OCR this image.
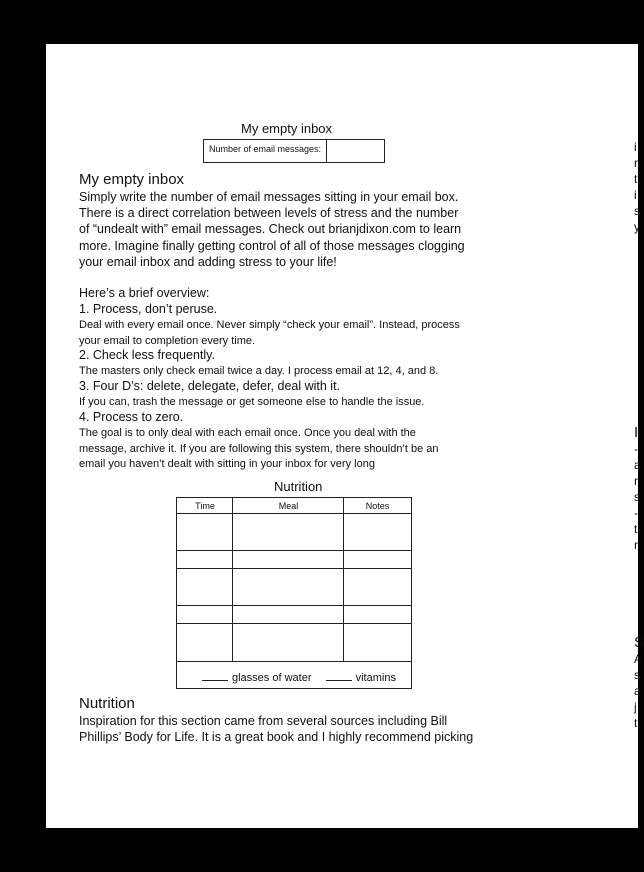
My empty inbox
Number of email messages:
My empty inbox
Simply write the number of email messages sitting in your email box.
There is a direct correlation between levels of stress and the number
of “undealt with” email messages. Check out brianjdixon.com to learn
more. Imagine finally getting control of all of those messages clogging
your email inbox and adding stress to your life!
Here’s a brief overview:
1. Process, don’t peruse.
Deal with every email once. Never simply “check your email”. Instead, process
your email to completion every time.
2. Check less frequently.
The masters only check email twice a day. I process email at 12, 4, and 8.
3. Four D’s: delete, delegate, defer, deal with it.
If you can, trash the message or get someone else to handle the issue.
4. Process to zero.
The goal is to only deal with each email once. Once you deal with the
message, archive it. If you are following this system, there shouldn’t be an
email you haven’t dealt with sitting in your inbox for very long
Nutrition
Time	Meal	Notes
glasses of water	vitamins
Nutrition
Inspiration for this section came from several sources including Bill
Phillips’ Body for Life. It is a great book and I highly recommend picking
i
r
t
i
s
y
I
-
a
r
s
-
t
r
S
A
s
a
j
t
